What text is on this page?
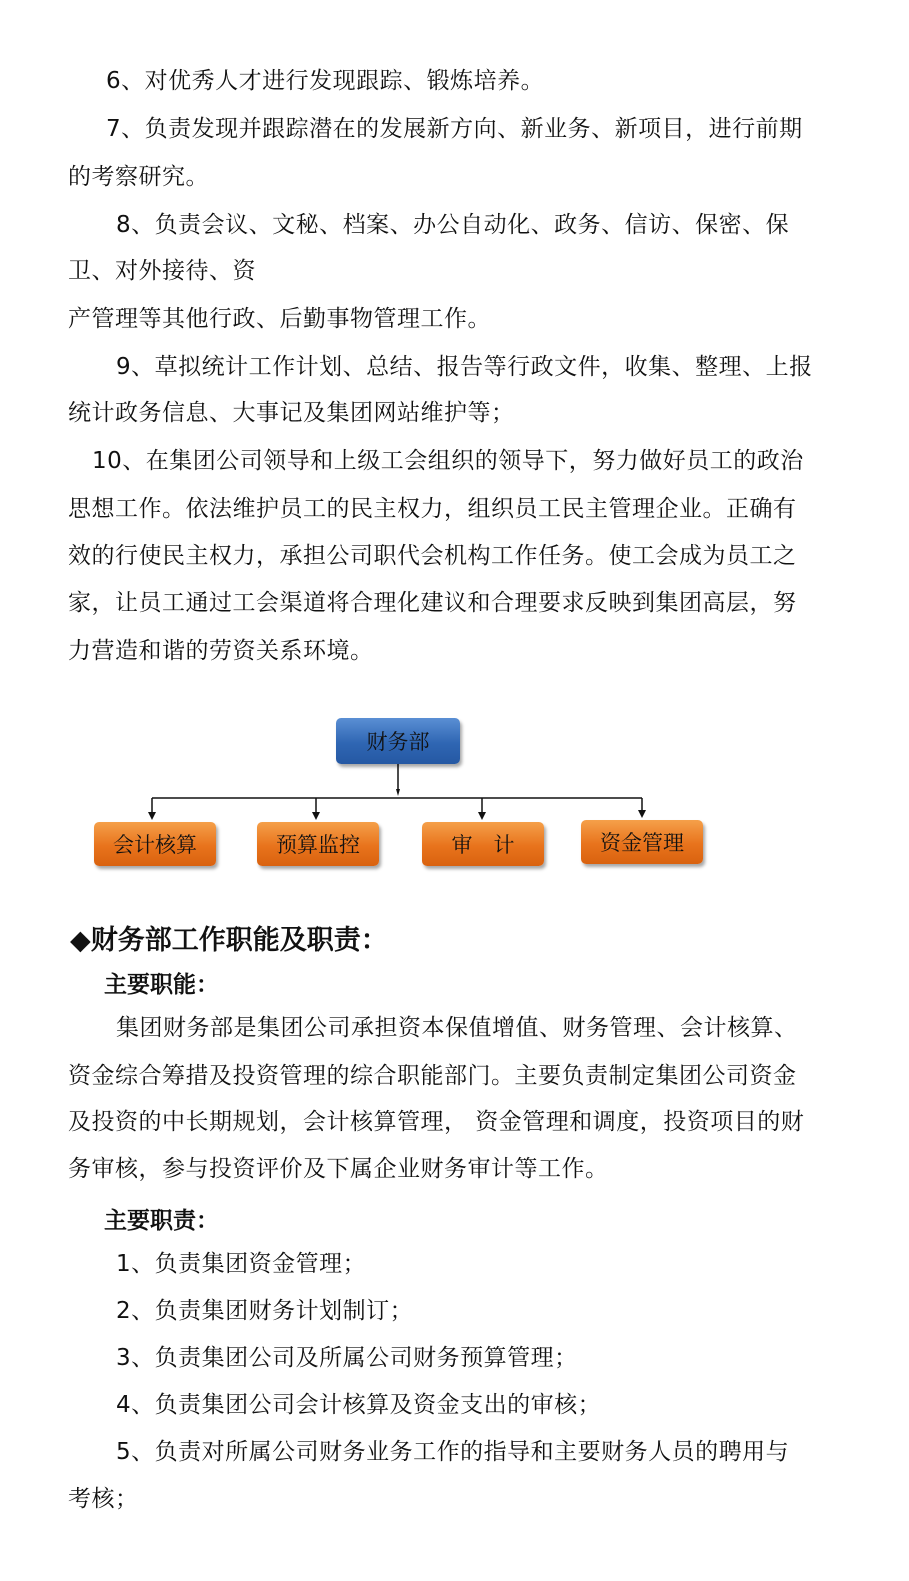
6、对优秀人才进行发现跟踪、锻炼培养。
7、负责发现并跟踪潜在的发展新方向、新业务、新项目，进行前期
的考察研究。
8、负责会议、文秘、档案、办公自动化、政务、信访、保密、保
卫、对外接待、资
产管理等其他行政、后勤事物管理工作。
9、草拟统计工作计划、总结、报告等行政文件，收集、整理、上报
统计政务信息、大事记及集团网站维护等；
10、在集团公司领导和上级工会组织的领导下，努力做好员工的政治
思想工作。依法维护员工的民主权力，组织员工民主管理企业。正确有
效的行使民主权力，承担公司职代会机构工作任务。使工会成为员工之
家，让员工通过工会渠道将合理化建议和合理要求反映到集团高层，努
力营造和谐的劳资关系环境。
财务部
会计核算	预算监控	审　计	资金管理
◆财务部工作职能及职责：
主要职能：
集团财务部是集团公司承担资本保值增值、财务管理、会计核算、
资金综合筹措及投资管理的综合职能部门。主要负责制定集团公司资金
及投资的中长期规划，会计核算管理， 资金管理和调度，投资项目的财
务审核，参与投资评价及下属企业财务审计等工作。
主要职责：
1、负责集团资金管理；
2、负责集团财务计划制订；
3、负责集团公司及所属公司财务预算管理；
4、负责集团公司会计核算及资金支出的审核；
5、负责对所属公司财务业务工作的指导和主要财务人员的聘用与
考核；
